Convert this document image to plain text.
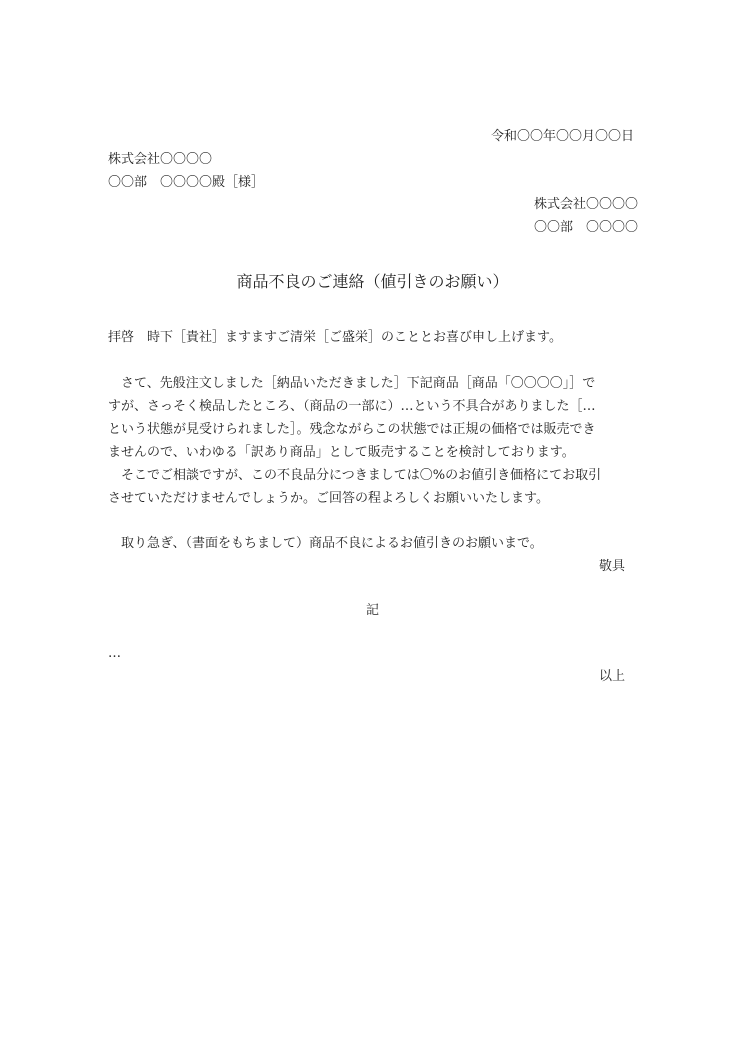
令和〇〇年〇〇月〇〇日

株式会社〇〇〇〇

〇〇部　〇〇〇〇殿［様］

株式会社〇〇〇〇

〇〇部　〇〇〇〇

商品不良のご連絡（値引きのお願い）

拝啓　時下［貴社］ますますご清栄［ご盛栄］のこととお喜び申し上げます。

　さて、先般注文しました［納品いただきました］下記商品［商品「〇〇〇〇」］で

すが、さっそく検品したところ、（商品の一部に）…という不具合がありました［…

という状態が見受けられました］。残念ながらこの状態では正規の価格では販売でき

ませんので、いわゆる「訳あり商品」として販売することを検討しております。

　そこでご相談ですが、この不良品分につきましては〇%のお値引き価格にてお取引

させていただけませんでしょうか。ご回答の程よろしくお願いいたします。

　取り急ぎ、（書面をもちまして）商品不良によるお値引きのお願いまで。

敬具

記

…

以上
